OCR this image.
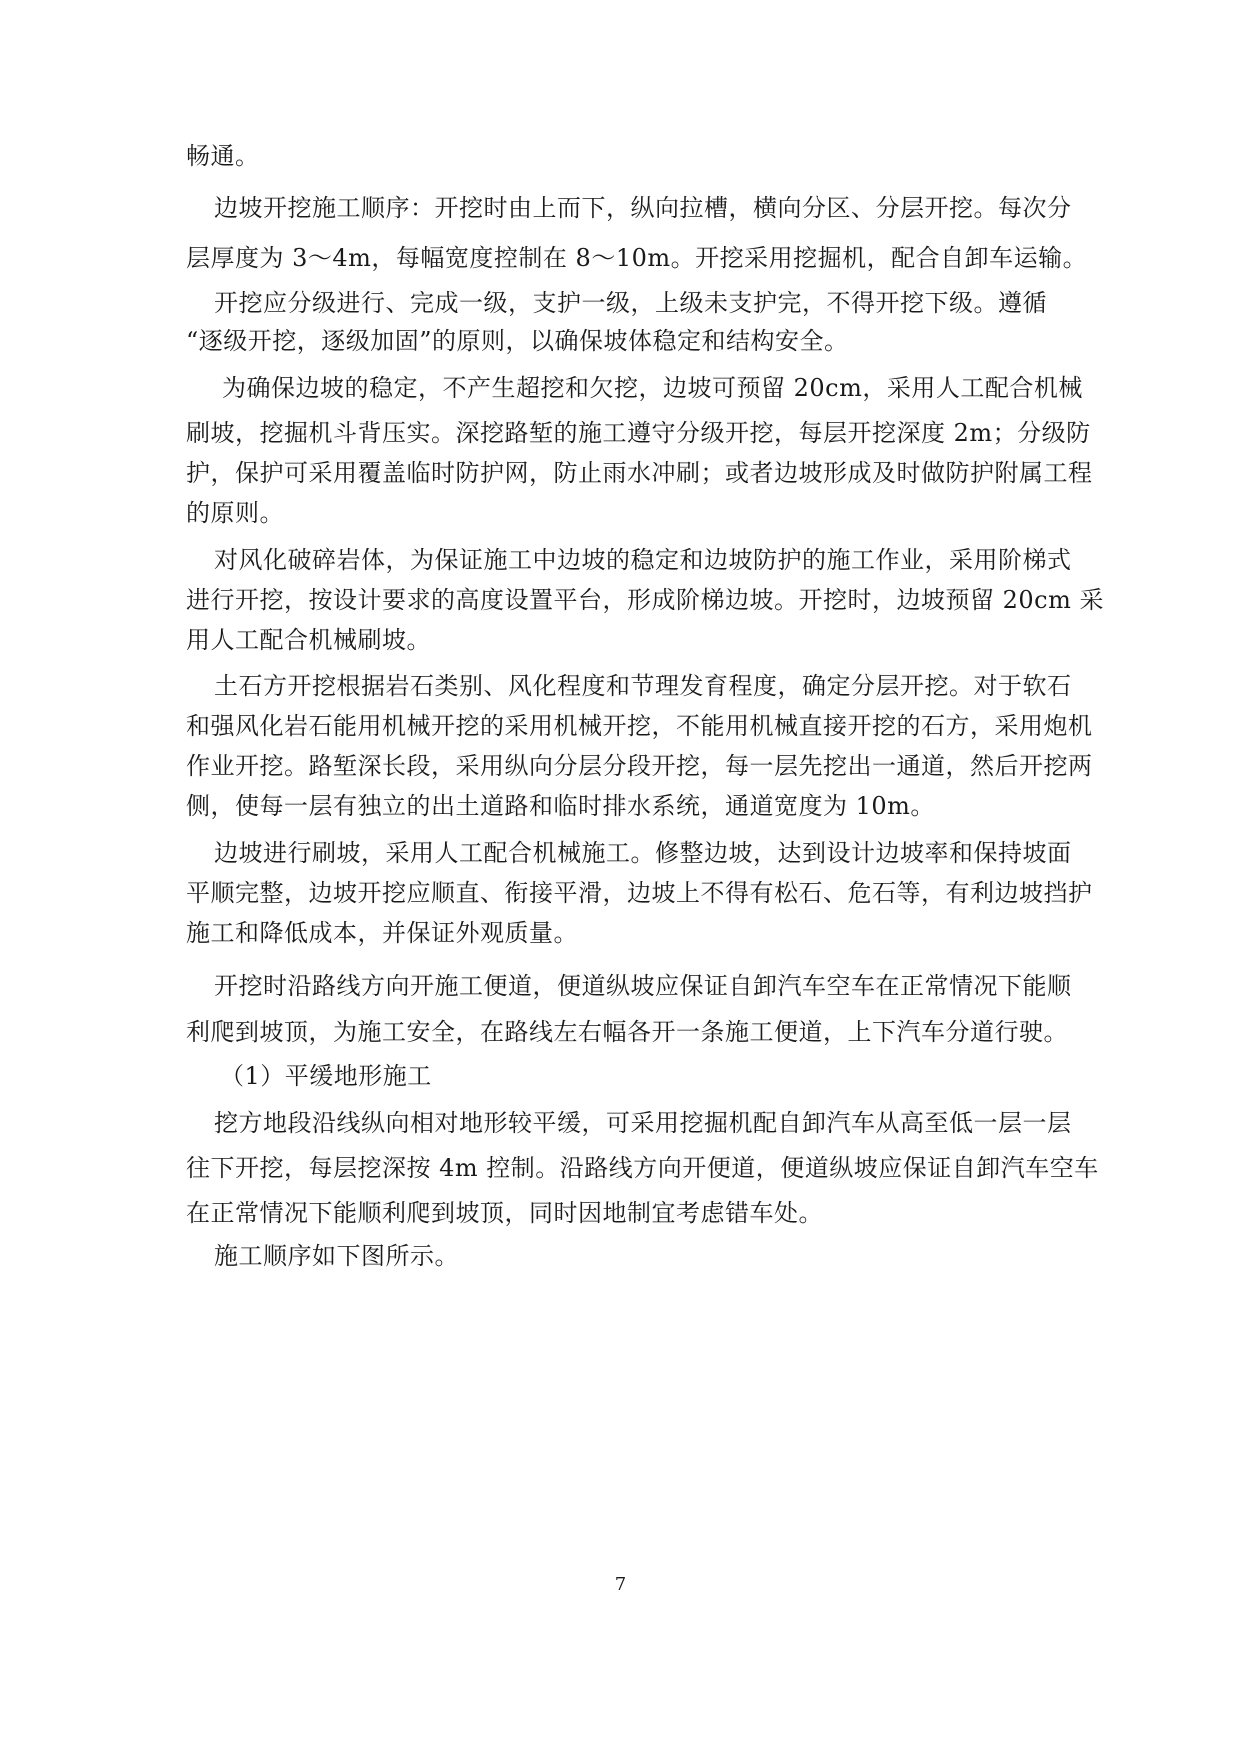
畅通。
边坡开挖施工顺序：开挖时由上而下，纵向拉槽，横向分区、分层开挖。每次分
层厚度为 3～4m，每幅宽度控制在 8～10m。开挖采用挖掘机，配合自卸车运输。
开挖应分级进行、完成一级，支护一级，上级未支护完，不得开挖下级。遵循
“逐级开挖，逐级加固”的原则，以确保坡体稳定和结构安全。
为确保边坡的稳定，不产生超挖和欠挖，边坡可预留 20cm，采用人工配合机械
刷坡，挖掘机斗背压实。深挖路堑的施工遵守分级开挖，每层开挖深度 2m；分级防
护，保护可采用覆盖临时防护网，防止雨水冲刷；或者边坡形成及时做防护附属工程
的原则。
对风化破碎岩体，为保证施工中边坡的稳定和边坡防护的施工作业，采用阶梯式
进行开挖，按设计要求的高度设置平台，形成阶梯边坡。开挖时，边坡预留 20cm 采
用人工配合机械刷坡。
土石方开挖根据岩石类别、风化程度和节理发育程度，确定分层开挖。对于软石
和强风化岩石能用机械开挖的采用机械开挖，不能用机械直接开挖的石方，采用炮机
作业开挖。路堑深长段，采用纵向分层分段开挖，每一层先挖出一通道，然后开挖两
侧，使每一层有独立的出土道路和临时排水系统，通道宽度为 10m。
边坡进行刷坡，采用人工配合机械施工。修整边坡，达到设计边坡率和保持坡面
平顺完整，边坡开挖应顺直、衔接平滑，边坡上不得有松石、危石等，有利边坡挡护
施工和降低成本，并保证外观质量。
开挖时沿路线方向开施工便道，便道纵坡应保证自卸汽车空车在正常情况下能顺
利爬到坡顶，为施工安全，在路线左右幅各开一条施工便道，上下汽车分道行驶。
（1）平缓地形施工
挖方地段沿线纵向相对地形较平缓，可采用挖掘机配自卸汽车从高至低一层一层
往下开挖，每层挖深按 4m 控制。沿路线方向开便道，便道纵坡应保证自卸汽车空车
在正常情况下能顺利爬到坡顶，同时因地制宜考虑错车处。
施工顺序如下图所示。
7
